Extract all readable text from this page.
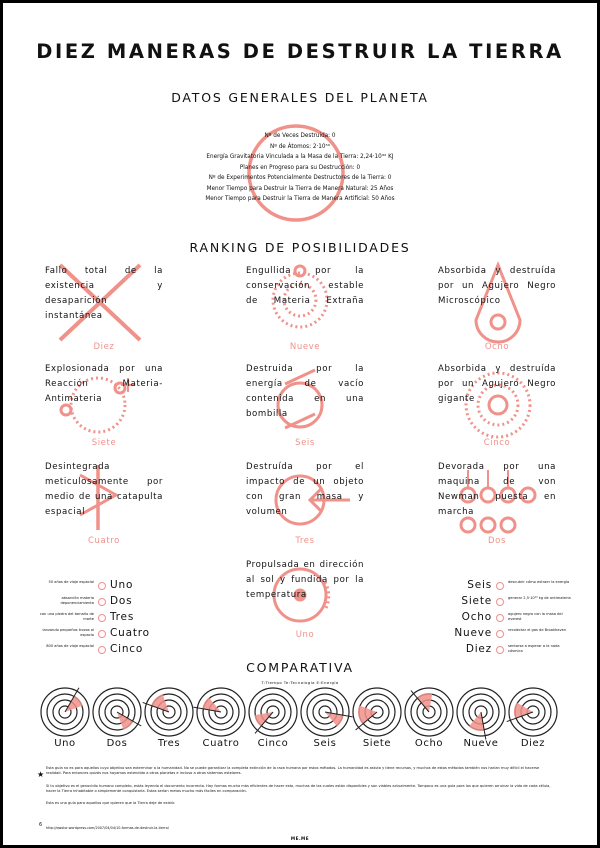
DIEZ MANERAS DE DESTRUIR LA TIERRA
DATOS GENERALES DEL PLANETA
Nº de Veces Destruida: 0
Nº de Átomos: 2·10⁵⁰
Energía Gravitatoria Vinculada a la Masa de la Tierra: 2,24·10³² KJ
Planes en Progreso para su Destrucción: 0
Nº de Experimentos Potencialmente Destructores de la Tierra: 0
Menor Tiempo para Destruir la Tierra de Manera Natural: 25 Años
Menor Tiempo para Destruir la Tierra de Manera Artificial: 50 Años
RANKING DE POSIBILIDADES
Fallo total de la existencia y desaparición instantánea
Diez
Engullida por la conservación estable de Materia Extraña
Nueve
Absorbida y destruída por un Agujero Negro Microscópico
Ocho
Explosionada por una Reacción Materia-Antimateria
Siete
Destruida por la energía de vacío contenida en una bombilla
Seis
Absorbida y destruída por un Agujero Negro gigante
Cinco
Desintegrada meticulosamente por medio de una catapulta espacial
Cuatro
Destruída por el impacto de un objeto con gran masa y volumen
Tres
Devorada por una maquina de von Newman puesta en marcha
Dos
Propulsada en dirección al sol y fundida por la temperatura
Uno
50 años de viaje espacial Uno
absorción materia deponenciamiento Dos
con una piedra del tamaño de marte Tres
lanzando pequeños trozos al espacio Cuatro
800 años de viaje espacial Cinco
Seis	descubrir cómo extraer la energía
Siete	generar 2,5·10²⁴ kg de antimateria
Ocho	agujero negro con la masa del everest
Nueve	recolectar el gas de Brookhaven
Diez	sentarse a esperar a la nada cósmica
COMPARATIVA
T:Tiempo Te:Tecnología E:Energía
Uno	Dos	Tres	Cuatro	Cinco	Seis	Siete	Ocho	Nueve	Diez
★
Esta guía no es para aquellos cuyo objetivo sea exterminar a la humanidad. No se puede garantizar la completa extinción de la raza humana por estos métodos. La humanidad es astuta y tiene recursos, y muchos de estos métodos también nos harían muy difícil el hacerse realidad. Para entonces quizás nos hayamos extendido a otros planetas e incluso a otros sistemas estelares.
Si tu objetivo es el genocidio humano completo, estás leyendo el documento incorrecto. Hay formas mucho más eficientes de hacer esto, muchas de las cuales están disponibles y son viables actualmente. Tampoco es una guía para los que quieren arruinar la vida de cada célula, hacer la Tierra inhabitable o simplemente conquistarla. Estas serían metas mucho más fáciles en comparación.
Esta es una guía para aquellos que quieren que la Tierra deje de existir.
6 http://qwolor.wordpress.com/2007/04/04/10-formas-de-destruir-la-tierra/
ME.ME
